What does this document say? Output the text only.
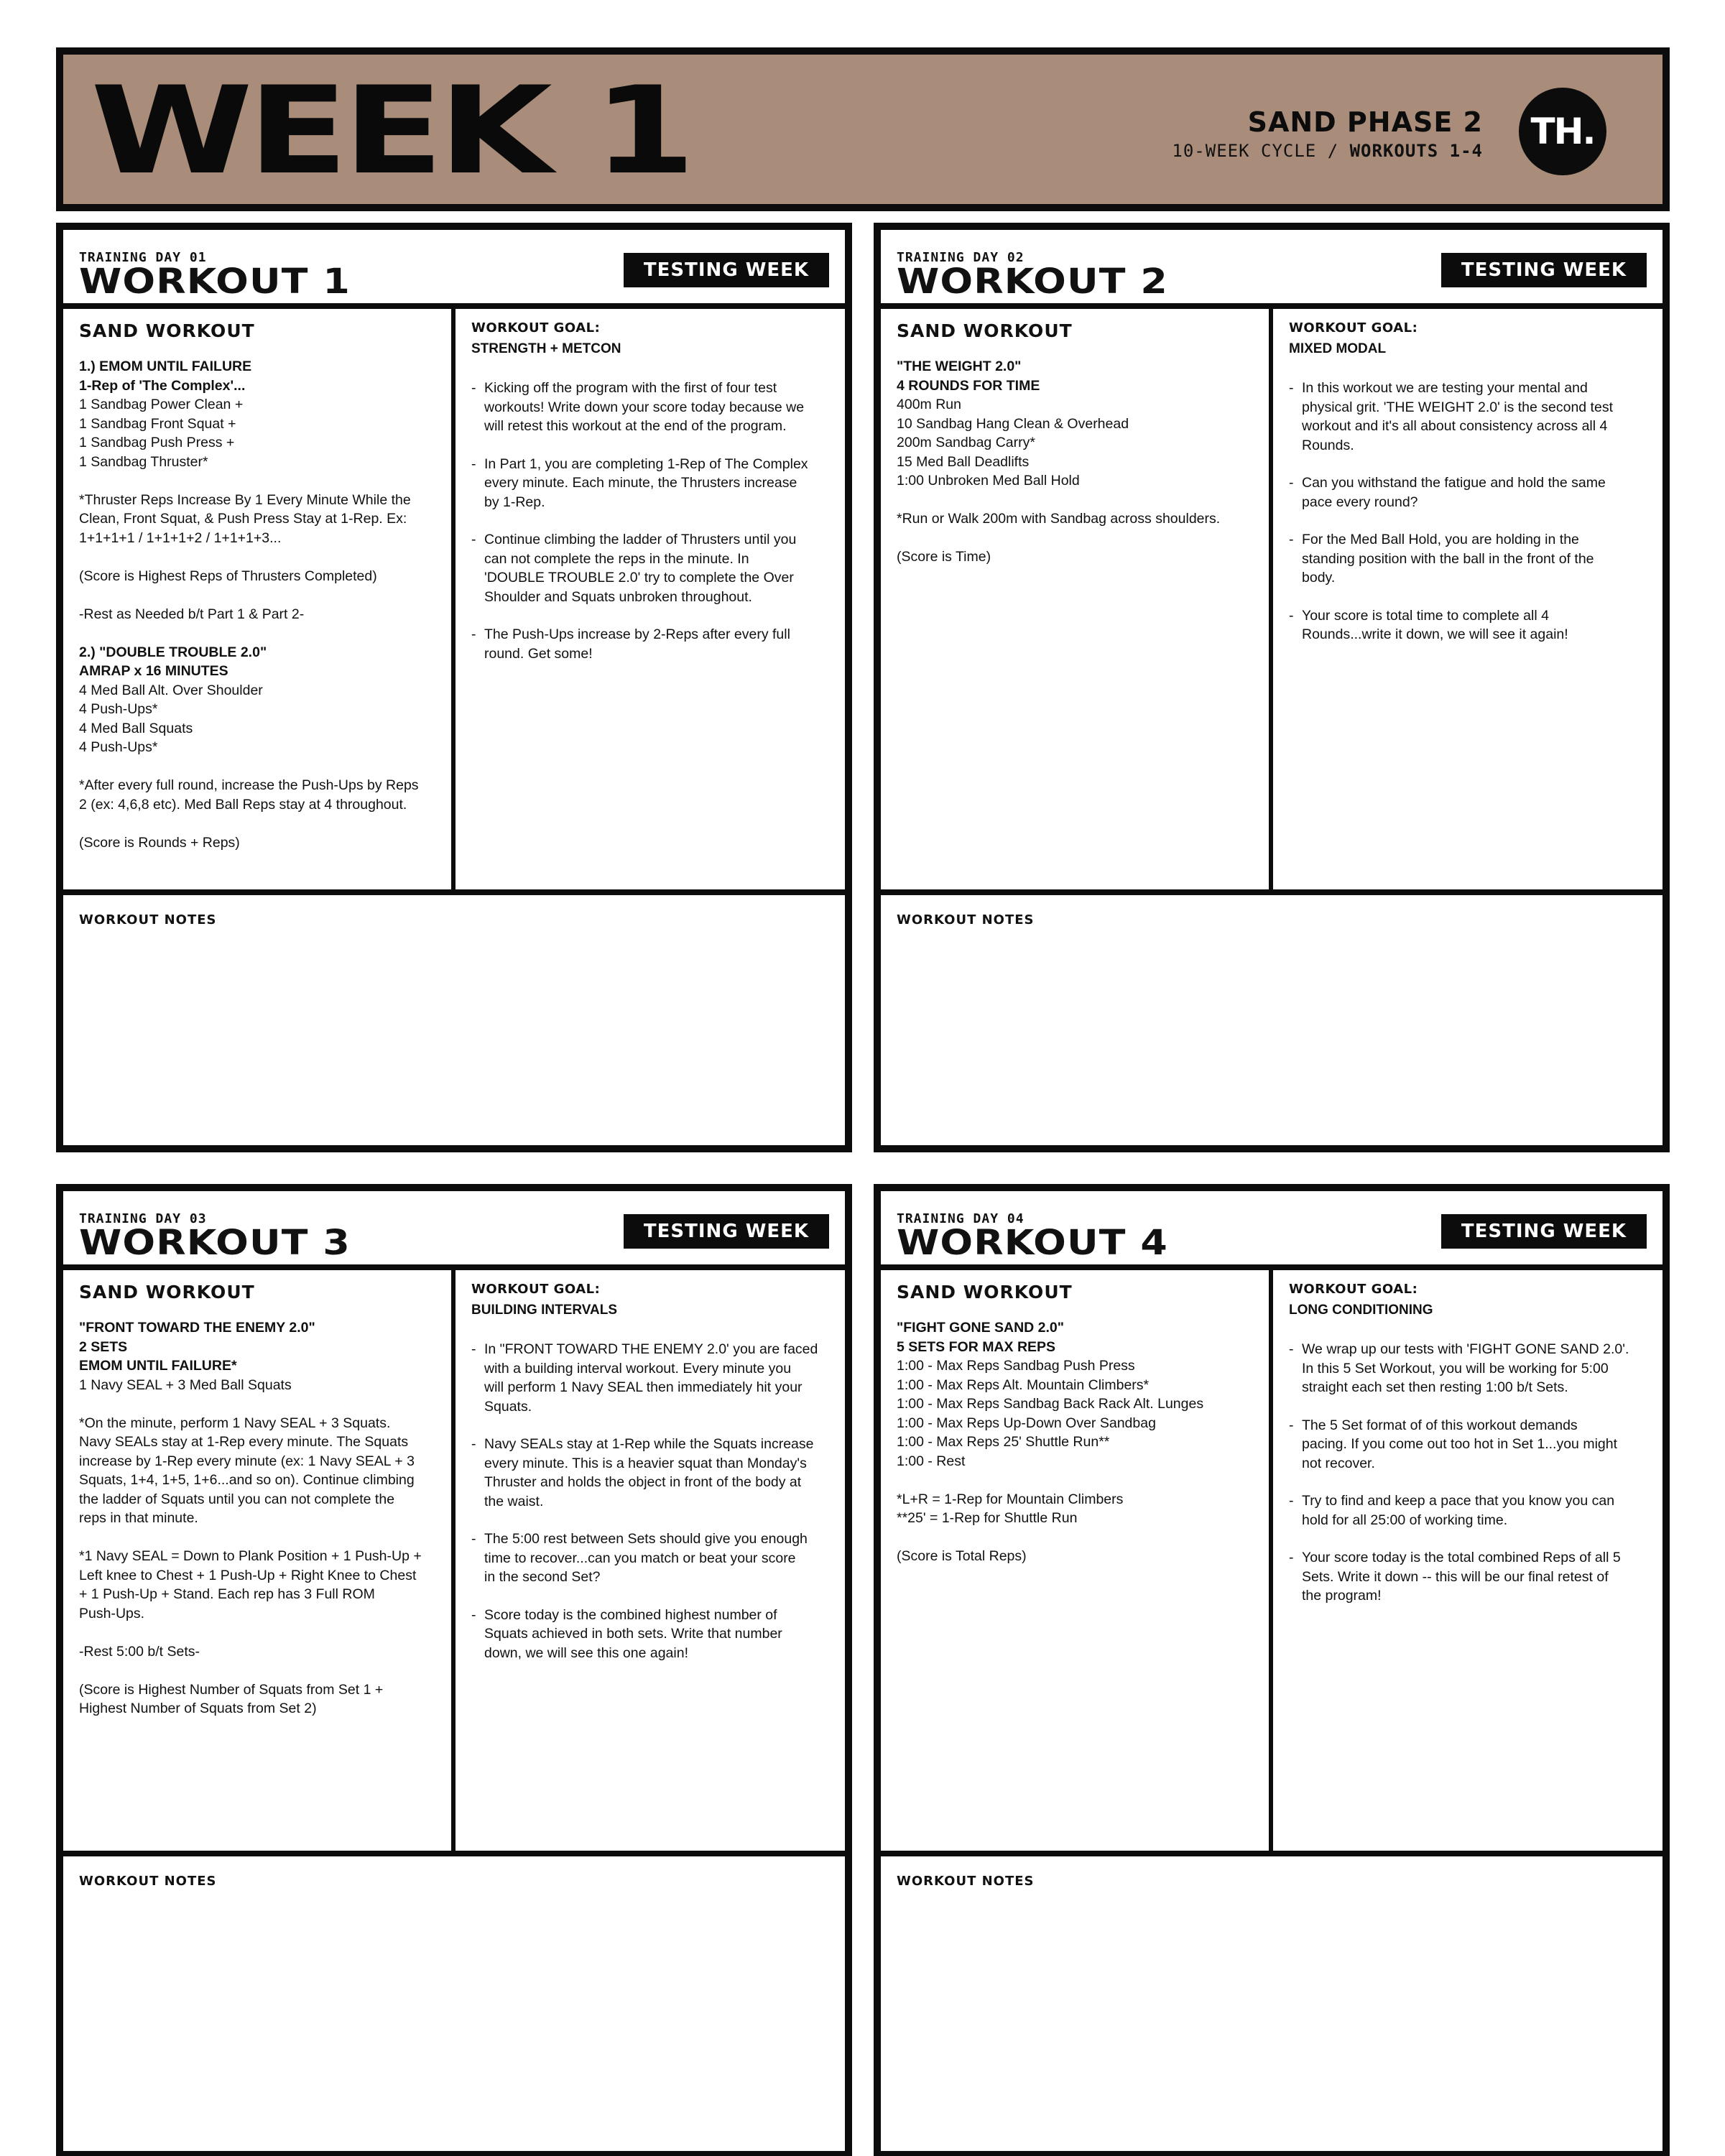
WEEK 1	SAND PHASE 2
10-WEEK CYCLE / WORKOUTS 1-4	TH.
TRAINING DAY 01
WORKOUT 1	TESTING WEEK
SAND WORKOUT

1.) EMOM UNTIL FAILURE

1-Rep of 'The Complex'...

1 Sandbag Power Clean +

1 Sandbag Front Squat +

1 Sandbag Push Press +

1 Sandbag Thruster*

*Thruster Reps Increase By 1 Every Minute While the

Clean, Front Squat, & Push Press Stay at 1-Rep. Ex:

1+1+1+1 / 1+1+1+2 / 1+1+1+3...

(Score is Highest Reps of Thrusters Completed)

-Rest as Needed b/t Part 1 & Part 2-

2.) "DOUBLE TROUBLE 2.0"

AMRAP x 16 MINUTES

4 Med Ball Alt. Over Shoulder

4 Push-Ups*

4 Med Ball Squats

4 Push-Ups*

*After every full round, increase the Push-Ups by Reps

2 (ex: 4,6,8 etc). Med Ball Reps stay at 4 throughout.

(Score is Rounds + Reps)

WORKOUT GOAL:
STRENGTH + METCON
- Kicking off the program with the first of four test
workouts! Write down your score today because we
will retest this workout at the end of the program.
- In Part 1, you are completing 1-Rep of The Complex
every minute. Each minute, the Thrusters increase
by 1-Rep.
- Continue climbing the ladder of Thrusters until you
can not complete the reps in the minute. In
'DOUBLE TROUBLE 2.0' try to complete the Over
Shoulder and Squats unbroken throughout.
- The Push-Ups increase by 2-Reps after every full
round. Get some!
WORKOUT NOTES
TRAINING DAY 02
WORKOUT 2	TESTING WEEK
SAND WORKOUT

"THE WEIGHT 2.0"

4 ROUNDS FOR TIME

400m Run

10 Sandbag Hang Clean & Overhead

200m Sandbag Carry*

15 Med Ball Deadlifts

1:00 Unbroken Med Ball Hold

*Run or Walk 200m with Sandbag across shoulders.

(Score is Time)

WORKOUT GOAL:
MIXED MODAL
- In this workout we are testing your mental and
physical grit. 'THE WEIGHT 2.0' is the second test
workout and it's all about consistency across all 4
Rounds.
- Can you withstand the fatigue and hold the same
pace every round?
- For the Med Ball Hold, you are holding in the
standing position with the ball in the front of the
body.
- Your score is total time to complete all 4
Rounds...write it down, we will see it again!
WORKOUT NOTES
TRAINING DAY 03
WORKOUT 3	TESTING WEEK
SAND WORKOUT

"FRONT TOWARD THE ENEMY 2.0"

2 SETS

EMOM UNTIL FAILURE*

1 Navy SEAL + 3 Med Ball Squats

*On the minute, perform 1 Navy SEAL + 3 Squats.

Navy SEALs stay at 1-Rep every minute. The Squats

increase by 1-Rep every minute (ex: 1 Navy SEAL + 3

Squats, 1+4, 1+5, 1+6...and so on). Continue climbing

the ladder of Squats until you can not complete the

reps in that minute.

*1 Navy SEAL = Down to Plank Position + 1 Push-Up +

Left knee to Chest + 1 Push-Up + Right Knee to Chest

+ 1 Push-Up + Stand. Each rep has 3 Full ROM

Push-Ups.

-Rest 5:00 b/t Sets-

(Score is Highest Number of Squats from Set 1 +

Highest Number of Squats from Set 2)

WORKOUT GOAL:
BUILDING INTERVALS
- In "FRONT TOWARD THE ENEMY 2.0' you are faced
with a building interval workout. Every minute you
will perform 1 Navy SEAL then immediately hit your
Squats.
- Navy SEALs stay at 1-Rep while the Squats increase
every minute. This is a heavier squat than Monday's
Thruster and holds the object in front of the body at
the waist.
- The 5:00 rest between Sets should give you enough
time to recover...can you match or beat your score
in the second Set?
- Score today is the combined highest number of
Squats achieved in both sets. Write that number
down, we will see this one again!
WORKOUT NOTES
TRAINING DAY 04
WORKOUT 4	TESTING WEEK
SAND WORKOUT

"FIGHT GONE SAND 2.0"

5 SETS FOR MAX REPS

1:00 - Max Reps Sandbag Push Press

1:00 - Max Reps Alt. Mountain Climbers*

1:00 - Max Reps Sandbag Back Rack Alt. Lunges

1:00 - Max Reps Up-Down Over Sandbag

1:00 - Max Reps 25' Shuttle Run**

1:00 - Rest

*L+R = 1-Rep for Mountain Climbers

**25' = 1-Rep for Shuttle Run

(Score is Total Reps)

WORKOUT GOAL:
LONG CONDITIONING
- We wrap up our tests with 'FIGHT GONE SAND 2.0'.
In this 5 Set Workout, you will be working for 5:00
straight each set then resting 1:00 b/t Sets.
- The 5 Set format of of this workout demands
pacing. If you come out too hot in Set 1...you might
not recover.
- Try to find and keep a pace that you know you can
hold for all 25:00 of working time.
- Your score today is the total combined Reps of all 5
Sets. Write it down -- this will be our final retest of
the program!
WORKOUT NOTES
